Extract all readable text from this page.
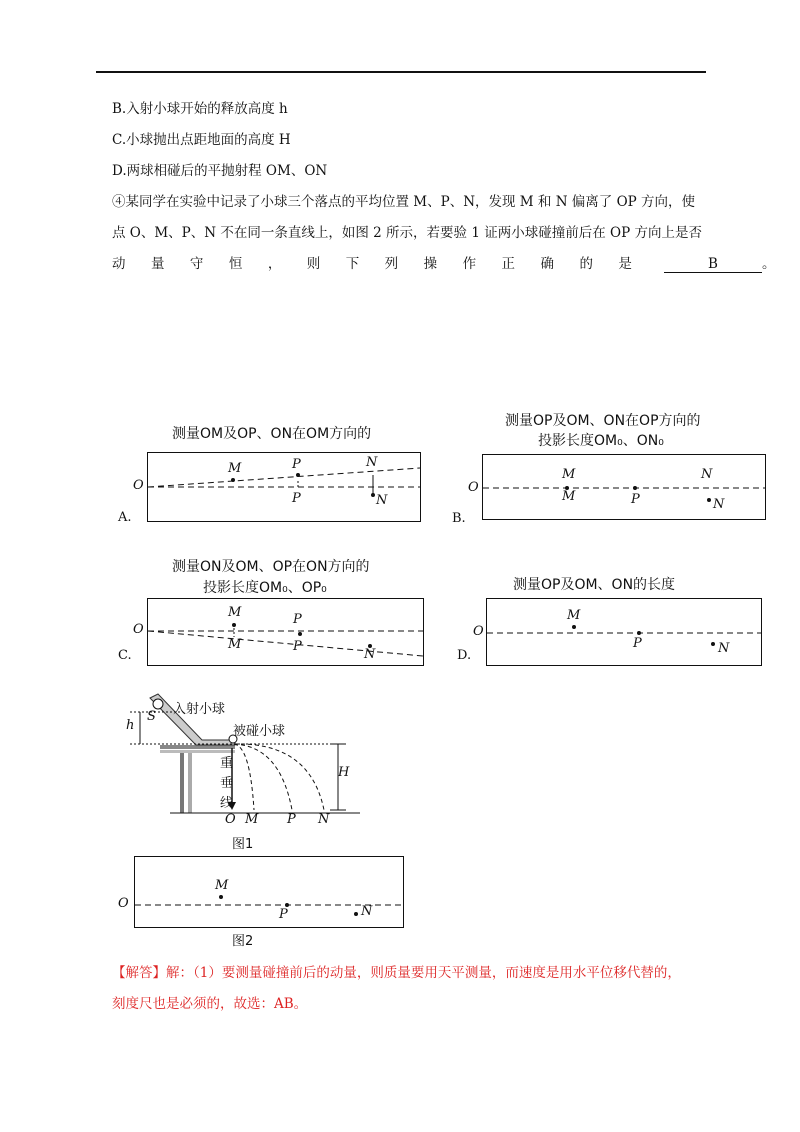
B.入射小球开始的释放高度 h
C.小球抛出点距地面的高度 H
D.两球相碰后的平抛射程 OM、ON
④某同学在实验中记录了小球三个落点的平均位置 M、P、N，发现 M 和 N 偏离了 OP 方向，使
点 O、M、P、N 不在同一条直线上，如图 2 所示，若要验 1 证两小球碰撞前后在 OP 方向上是否
动 量 守 恒 ， 则 下 列 操 作 正 确 的 是	B	。
测量OM及OP、ON在OM方向的
M	P
P
N
N
O
A.
测量OP及OM、ON在OP方向的
投影长度OM₀、ON₀
M
M	P
N
N
O
B.
测量ON及OM、OP在ON方向的
投影长度OM₀、OP₀
M
M
P
P
N
O
C.
测量OP及OM、ON的长度
M
P	N
O
D.
入射小球
S
h	被碰小球
H
重
垂
线
O M P N
图1
M
P	N
O
图2
【解答】解：（1）要测量碰撞前后的动量，则质量要用天平测量，而速度是用水平位移代替的，
刻度尺也是必须的，故选：AB。
